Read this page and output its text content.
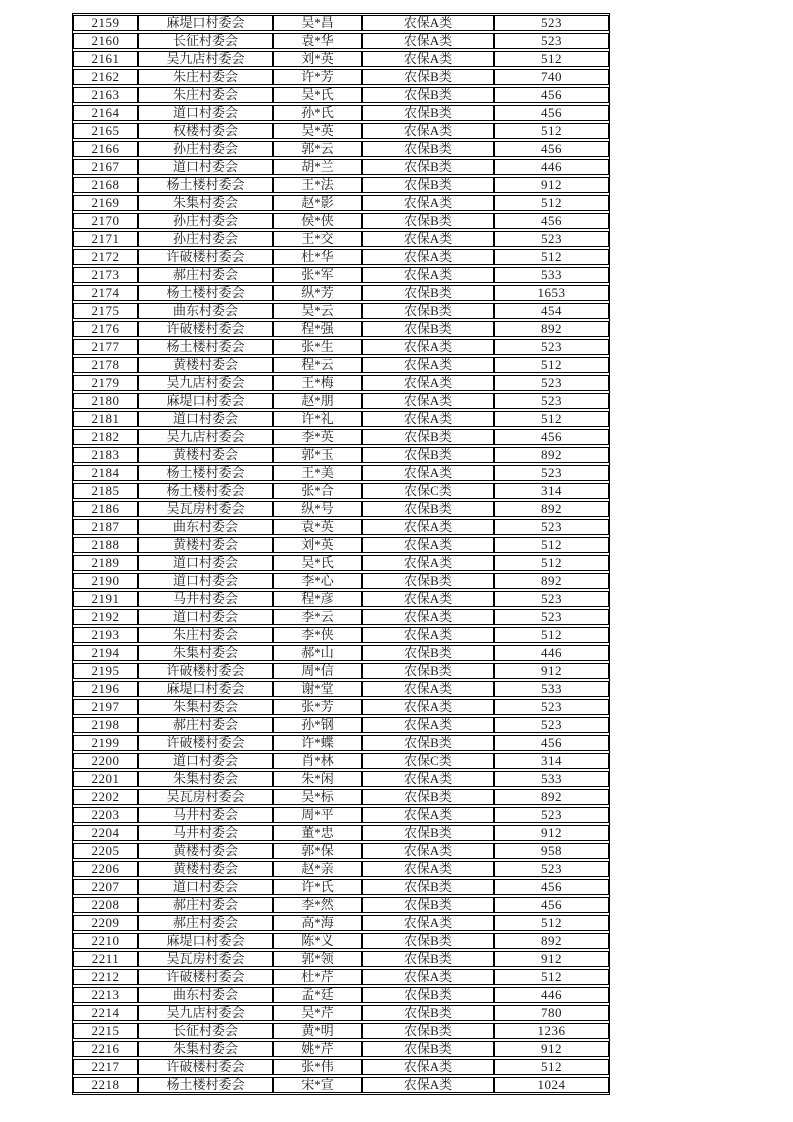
2159	麻堤口村委会	吴*昌	农保A类	523
2160	长征村委会	袁*华	农保A类	523
2161	吴九店村委会	刘*英	农保A类	512
2162	朱庄村委会	许*芳	农保B类	740
2163	朱庄村委会	吴*氏	农保B类	456
2164	道口村委会	孙*氏	农保B类	456
2165	权楼村委会	吴*英	农保A类	512
2166	孙庄村委会	郭*云	农保B类	456
2167	道口村委会	胡*兰	农保B类	446
2168	杨土楼村委会	王*法	农保B类	912
2169	朱集村委会	赵*影	农保A类	512
2170	孙庄村委会	侯*侠	农保B类	456
2171	孙庄村委会	王*交	农保A类	523
2172	许破楼村委会	杜*华	农保A类	512
2173	郝庄村委会	张*军	农保A类	533
2174	杨土楼村委会	纵*芳	农保B类	1653
2175	曲东村委会	吴*云	农保B类	454
2176	许破楼村委会	程*强	农保B类	892
2177	杨土楼村委会	张*生	农保A类	523
2178	黄楼村委会	程*云	农保A类	512
2179	吴九店村委会	王*梅	农保A类	523
2180	麻堤口村委会	赵*朋	农保A类	523
2181	道口村委会	许*礼	农保A类	512
2182	吴九店村委会	李*英	农保B类	456
2183	黄楼村委会	郭*玉	农保B类	892
2184	杨土楼村委会	王*美	农保A类	523
2185	杨土楼村委会	张*合	农保C类	314
2186	吴瓦房村委会	纵*号	农保B类	892
2187	曲东村委会	袁*英	农保A类	523
2188	黄楼村委会	刘*英	农保A类	512
2189	道口村委会	吴*氏	农保A类	512
2190	道口村委会	李*心	农保B类	892
2191	马井村委会	程*彦	农保A类	523
2192	道口村委会	李*云	农保A类	523
2193	朱庄村委会	李*侠	农保A类	512
2194	朱集村委会	郝*山	农保B类	446
2195	许破楼村委会	周*信	农保B类	912
2196	麻堤口村委会	谢*堂	农保A类	533
2197	朱集村委会	张*芳	农保A类	523
2198	郝庄村委会	孙*钢	农保A类	523
2199	许破楼村委会	许*蝶	农保B类	456
2200	道口村委会	肖*林	农保C类	314
2201	朱集村委会	朱*闲	农保A类	533
2202	吴瓦房村委会	吴*标	农保B类	892
2203	马井村委会	周*平	农保A类	523
2204	马井村委会	董*忠	农保B类	912
2205	黄楼村委会	郭*保	农保A类	958
2206	黄楼村委会	赵*亲	农保A类	523
2207	道口村委会	许*氏	农保B类	456
2208	郝庄村委会	李*然	农保B类	456
2209	郝庄村委会	高*海	农保A类	512
2210	麻堤口村委会	陈*义	农保B类	892
2211	吴瓦房村委会	郭*领	农保B类	912
2212	许破楼村委会	杜*芹	农保A类	512
2213	曲东村委会	孟*廷	农保B类	446
2214	吴九店村委会	吴*芹	农保B类	780
2215	长征村委会	黄*明	农保B类	1236
2216	朱集村委会	姚*芹	农保B类	912
2217	许破楼村委会	张*伟	农保A类	512
2218	杨土楼村委会	宋*宣	农保A类	1024
